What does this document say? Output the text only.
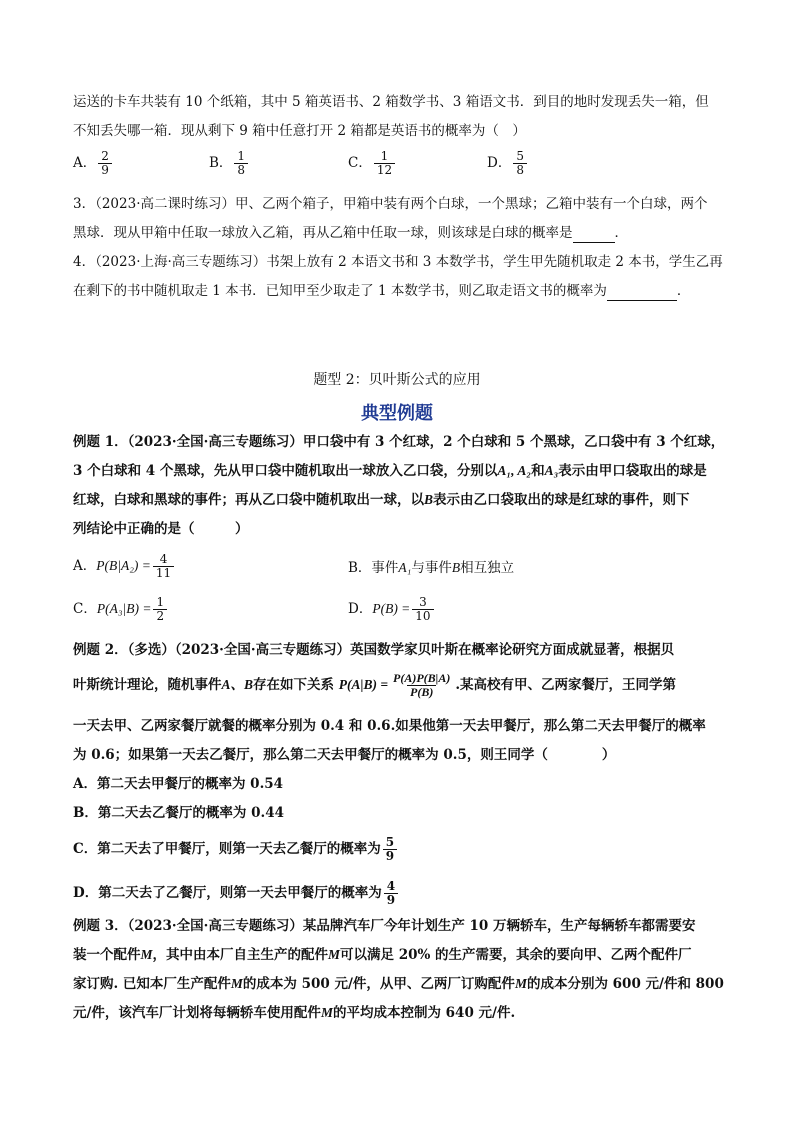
运送的卡车共装有 10 个纸箱，其中 5 箱英语书、2 箱数学书、3 箱语文书．到目的地时发现丢失一箱，但
不知丢失哪一箱．现从剩下 9 箱中任意打开 2 箱都是英语书的概率为（　）
A． $\frac{2}{9}$	B． $\frac{1}{8}$	C． $\frac{1}{12}$	D． $\frac{5}{8}$
3．（2023·高二课时练习）甲、乙两个箱子，甲箱中装有两个白球，一个黑球；乙箱中装有一个白球，两个
黑球．现从甲箱中任取一球放入乙箱，再从乙箱中任取一球，则该球是白球的概率是	．
4．（2023·上海·高三专题练习）书架上放有 2 本语文书和 3 本数学书，学生甲先随机取走 2 本书，学生乙再
在剩下的书中随机取走 1 本书．已知甲至少取走了 1 本数学书，则乙取走语文书的概率为	．
题型 2：贝叶斯公式的应用
典型例题
例题 1．（2023·全国·高三专题练习）甲口袋中有 3 个红球，2 个白球和 5 个黑球，乙口袋中有 3 个红球，
3 个白球和 4 个黑球，先从甲口袋中随机取出一球放入乙口袋，分别以A₁, A₂和A₃表示由甲口袋取出的球是
红球，白球和黑球的事件；再从乙口袋中随机取出一球，以B表示由乙口袋取出的球是红球的事件，则下
列结论中正确的是（　　　）
A．$P(B|A_2) = \frac{4}{11}$	B．事件A₁与事件B相互独立
C．$P(A_3|B) = \frac{1}{2}$	D．$P(B) = \frac{3}{10}$
例题 2．（多选）（2023·全国·高三专题练习）英国数学家贝叶斯在概率论研究方面成就显著，根据贝
叶斯统计理论，随机事件A、B存在如下关系 $P(A|B) = \frac{P(A)P(B|A)}{P(B)}$ .某高校有甲、乙两家餐厅，王同学第
一天去甲、乙两家餐厅就餐的概率分别为 0.4 和 0.6.如果他第一天去甲餐厅，那么第二天去甲餐厅的概率
为 0.6；如果第一天去乙餐厅，那么第二天去甲餐厅的概率为 0.5，则王同学（　　　　）
A．第二天去甲餐厅的概率为 0.54
B．第二天去乙餐厅的概率为 0.44
C．第二天去了甲餐厅，则第一天去乙餐厅的概率为 $\frac{5}{9}$
D．第二天去了乙餐厅，则第一天去甲餐厅的概率为 $\frac{4}{9}$
例题 3．（2023·全国·高三专题练习）某品牌汽车厂今年计划生产 10 万辆轿车，生产每辆轿车都需要安
装一个配件M，其中由本厂自主生产的配件M可以满足 20% 的生产需要，其余的要向甲、乙两个配件厂
家订购. 已知本厂生产配件M的成本为 500 元/件，从甲、乙两厂订购配件M的成本分别为 600 元/件和 800
元/件，该汽车厂计划将每辆轿车使用配件M的平均成本控制为 640 元/件.
